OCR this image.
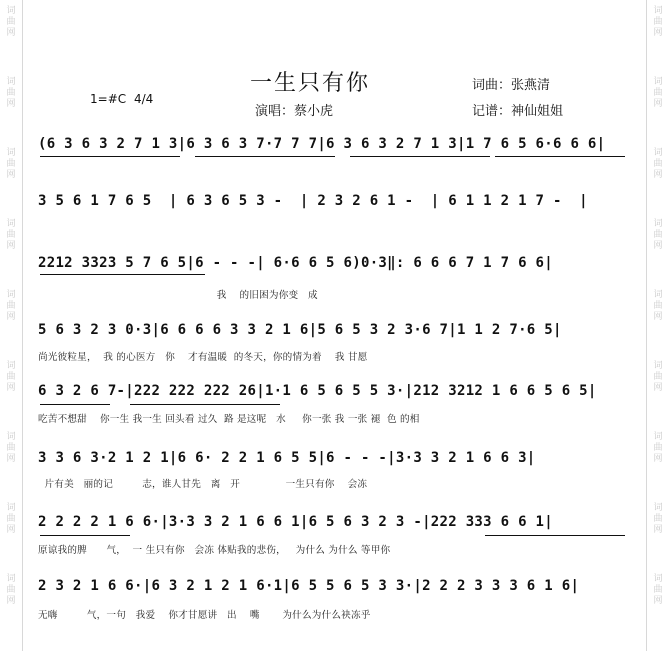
词
曲
网
词
曲
网
词
曲
网
词
曲
网
词
曲
网
词
曲
网
词
曲
网
词
曲
网
词
曲
网
词
曲
网
词
曲
网
词
曲
网
词
曲
网
词
曲
网
词
曲
网
词
曲
网
词
曲
网
词
曲
网
一生只有你
1=#C 4/4
演唱：蔡小虎
词曲：张燕清
记谱：神仙姐姐
(6 3 6 3 2 7 1 3|6 3 6 3 7·7 7 7|6 3 6 3 2 7 1 3|1 7 6 5 6·6 6 6|
3 5 6 1 7 6 5  | 6 3 6 5 3 -  | 2 3 2 6 1 -  | 6 1 1 2 1 7 -  |
2212 3323 5 7 6 5|6 - - -| 6·6 6 5 6)0·3‖: 6 6 6 7 1 7 6 6|
我    的旧困为你变   成
5 6 3 2 3 0·3|6 6 6 6 3 3 2 1 6|5 6 5 3 2 3·6 7|1 1 2 7·6 5|
尚光彼粒星，  我 的心医方   你    才有温暖  的冬天，你的情为着    我 甘愿
6 3 2 6 7-|222 222 222 26|1·1 6 5 6 5 5 3·|212 3212 1 6 6 5 6 5|
吃苦不想甜    你一生 我一生 回头看 过久  路 是这呢   水     你一张 我 一张 褪  色 的相
3 3 6 3·2 1 2 1|6 6· 2 2 1 6 5 5|6 - - -|3·3 3 2 1 6 6 3|
片有美   丽的记         志，谁人甘先   离   开              一生只有你    会冻
2 2 2 2 1 6 6·|3·3 3 2 1 6 6 1|6 5 6 3 2 3 -|222 333 6 6 1|
原谅我的脾      气，  一 生只有你   会冻 体贴我的悲伤，   为什么 为什么 等甲你
2 3 2 1 6 6·|6 3 2 1 2 1 6·1|6 5 5 6 5 3 3·|2 2 2 3 3 3 6 1 6|
无嗨         气，一句   我爱    你才甘愿讲   出    嘴       为什么为什么袂冻乎
